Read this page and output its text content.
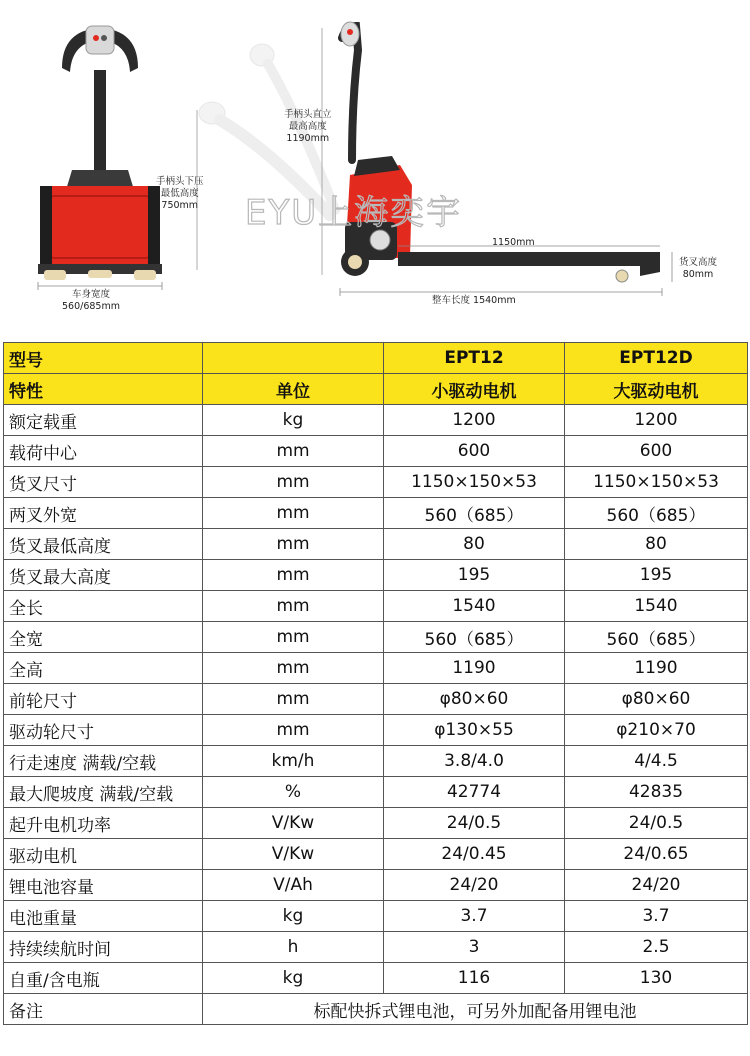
EYU上海奕宇
车身宽度
560/685mm
手柄头下压
最低高度
750mm
手柄头直立
最高高度
1190mm
1150mm
货叉高度
80mm
整车长度 1540mm
型号		EPT12	EPT12D
特性	单位	小驱动电机	大驱动电机
额定载重	kg	1200	1200
载荷中心	mm	600	600
货叉尺寸	mm	1150×150×53	1150×150×53
两叉外宽	mm	560（685）	560（685）
货叉最低高度	mm	80	80
货叉最大高度	mm	195	195
全长	mm	1540	1540
全宽	mm	560（685）	560（685）
全高	mm	1190	1190
前轮尺寸	mm	φ80×60	φ80×60
驱动轮尺寸	mm	φ130×55	φ210×70
行走速度 满载/空载	km/h	3.8/4.0	4/4.5
最大爬坡度 满载/空载	%	42774	42835
起升电机功率	V/Kw	24/0.5	24/0.5
驱动电机	V/Kw	24/0.45	24/0.65
锂电池容量	V/Ah	24/20	24/20
电池重量	kg	3.7	3.7
持续续航时间	h	3	2.5
自重/含电瓶	kg	116	130
备注	标配快拆式锂电池，可另外加配备用锂电池		
